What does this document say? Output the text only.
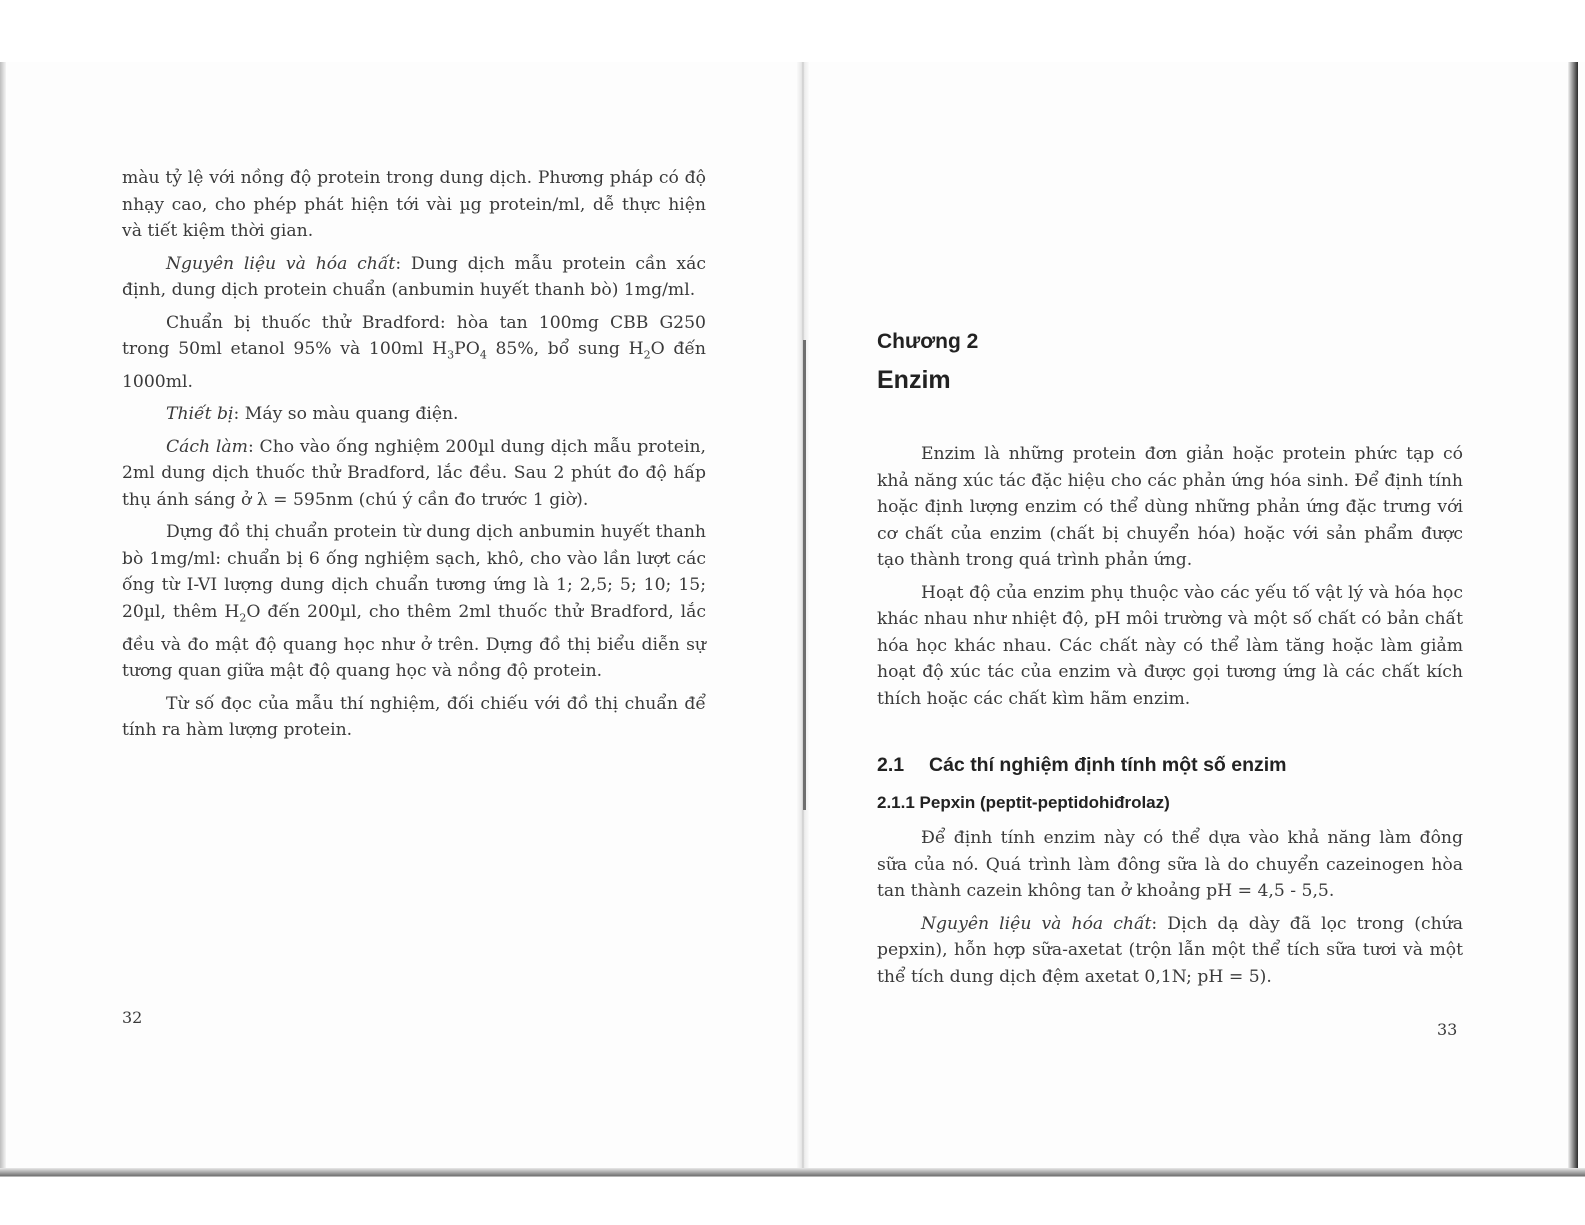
màu tỷ lệ với nồng độ protein trong dung dịch. Phương pháp có độ nhạy cao, cho phép phát hiện tới vài µg protein/ml, dễ thực hiện và tiết kiệm thời gian.

Nguyên liệu và hóa chất: Dung dịch mẫu protein cần xác định, dung dịch protein chuẩn (anbumin huyết thanh bò) 1mg/ml.

Chuẩn bị thuốc thử Bradford: hòa tan 100mg CBB G250 trong 50ml etanol 95% và 100ml $H_3PO_4$ 85%, bổ sung $H_2O$ đến 1000ml.

Thiết bị: Máy so màu quang điện.

Cách làm: Cho vào ống nghiệm 200µl dung dịch mẫu protein, 2ml dung dịch thuốc thử Bradford, lắc đều. Sau 2 phút đo độ hấp thụ ánh sáng ở λ = 595nm (chú ý cần đo trước 1 giờ).

Dựng đồ thị chuẩn protein từ dung dịch anbumin huyết thanh bò 1mg/ml: chuẩn bị 6 ống nghiệm sạch, khô, cho vào lần lượt các ống từ I-VI lượng dung dịch chuẩn tương ứng là 1; 2,5; 5; 10; 15; 20µl, thêm $H_2O$ đến 200µl, cho thêm 2ml thuốc thử Bradford, lắc đều và đo mật độ quang học như ở trên. Dựng đồ thị biểu diễn sự tương quan giữa mật độ quang học và nồng độ protein.

Từ số đọc của mẫu thí nghiệm, đối chiếu với đồ thị chuẩn để tính ra hàm lượng protein.

32
Chương 2
Enzim

Enzim là những protein đơn giản hoặc protein phức tạp có khả năng xúc tác đặc hiệu cho các phản ứng hóa sinh. Để định tính hoặc định lượng enzim có thể dùng những phản ứng đặc trưng với cơ chất của enzim (chất bị chuyển hóa) hoặc với sản phẩm được tạo thành trong quá trình phản ứng.

Hoạt độ của enzim phụ thuộc vào các yếu tố vật lý và hóa học khác nhau như nhiệt độ, pH môi trường và một số chất có bản chất hóa học khác nhau. Các chất này có thể làm tăng hoặc làm giảm hoạt độ xúc tác của enzim và được gọi tương ứng là các chất kích thích hoặc các chất kìm hãm enzim.

2.1 Các thí nghiệm định tính một số enzim
2.1.1 Pepxin (peptit-peptidohiđrolaz)

Để định tính enzim này có thể dựa vào khả năng làm đông sữa của nó. Quá trình làm đông sữa là do chuyển cazeinogen hòa tan thành cazein không tan ở khoảng pH = 4,5 - 5,5.

Nguyên liệu và hóa chất: Dịch dạ dày đã lọc trong (chứa pepxin), hỗn hợp sữa-axetat (trộn lẫn một thể tích sữa tươi và một thể tích dung dịch đệm axetat 0,1N; pH = 5).

33
